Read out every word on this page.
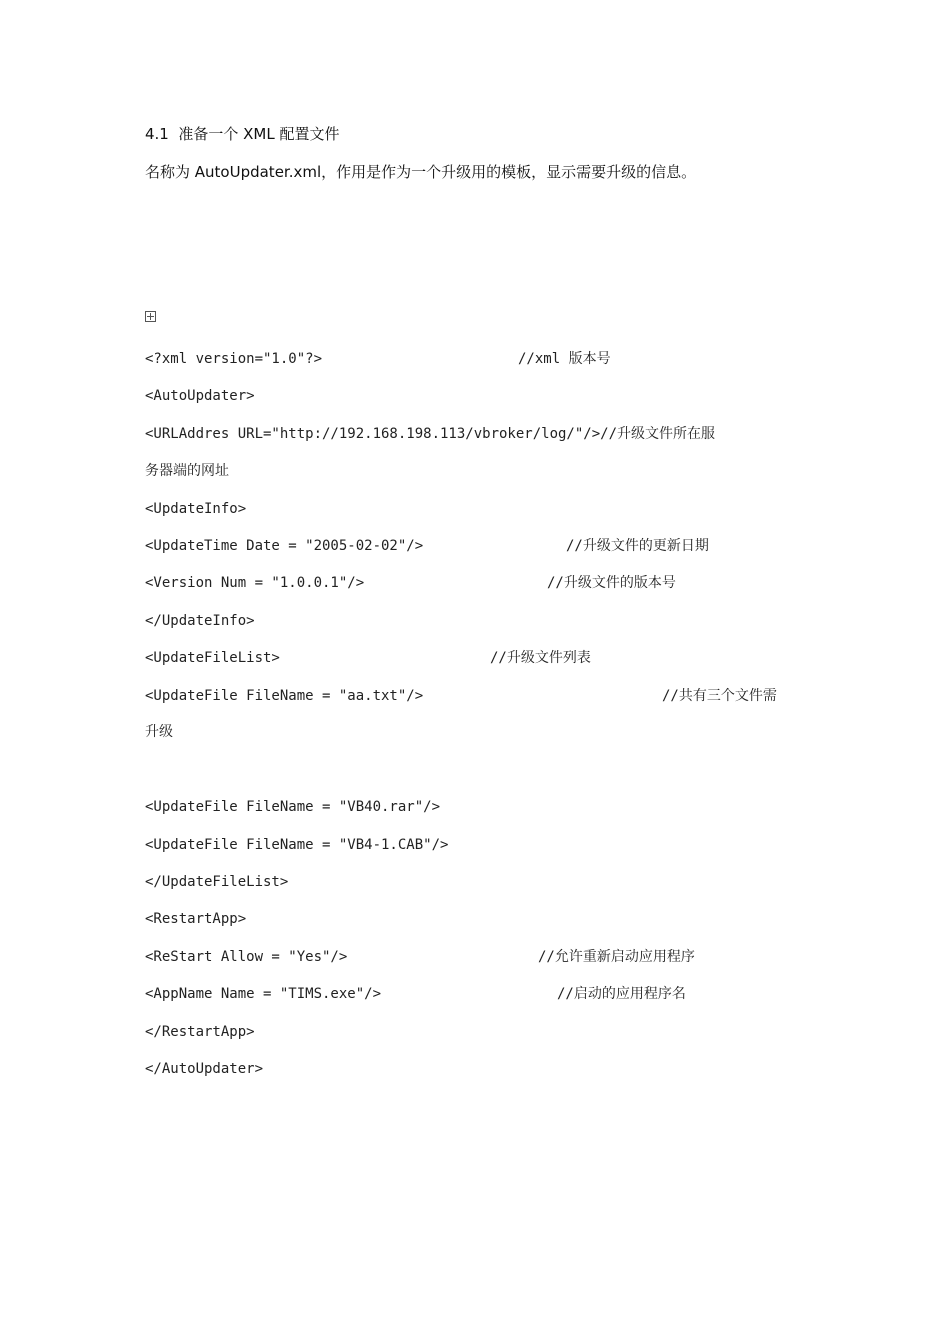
4.1  准备一个 XML 配置文件
名称为 AutoUpdater.xml，作用是作为一个升级用的模板，显示需要升级的信息。
<?xml version="1.0"?>	//xml 版本号
<AutoUpdater>
<URLAddres URL="http://192.168.198.113/vbroker/log/"/>//升级文件所在服
务器端的网址
<UpdateInfo>
<UpdateTime Date = "2005-02-02"/>	//升级文件的更新日期
<Version Num = "1.0.0.1"/>	//升级文件的版本号
</UpdateInfo>
<UpdateFileList>	//升级文件列表
<UpdateFile FileName = "aa.txt"/>	//共有三个文件需
升级
<UpdateFile FileName = "VB40.rar"/>
<UpdateFile FileName = "VB4-1.CAB"/>
</UpdateFileList>
<RestartApp>
<ReStart Allow = "Yes"/>	//允许重新启动应用程序
<AppName Name = "TIMS.exe"/>	//启动的应用程序名
</RestartApp>
</AutoUpdater>
